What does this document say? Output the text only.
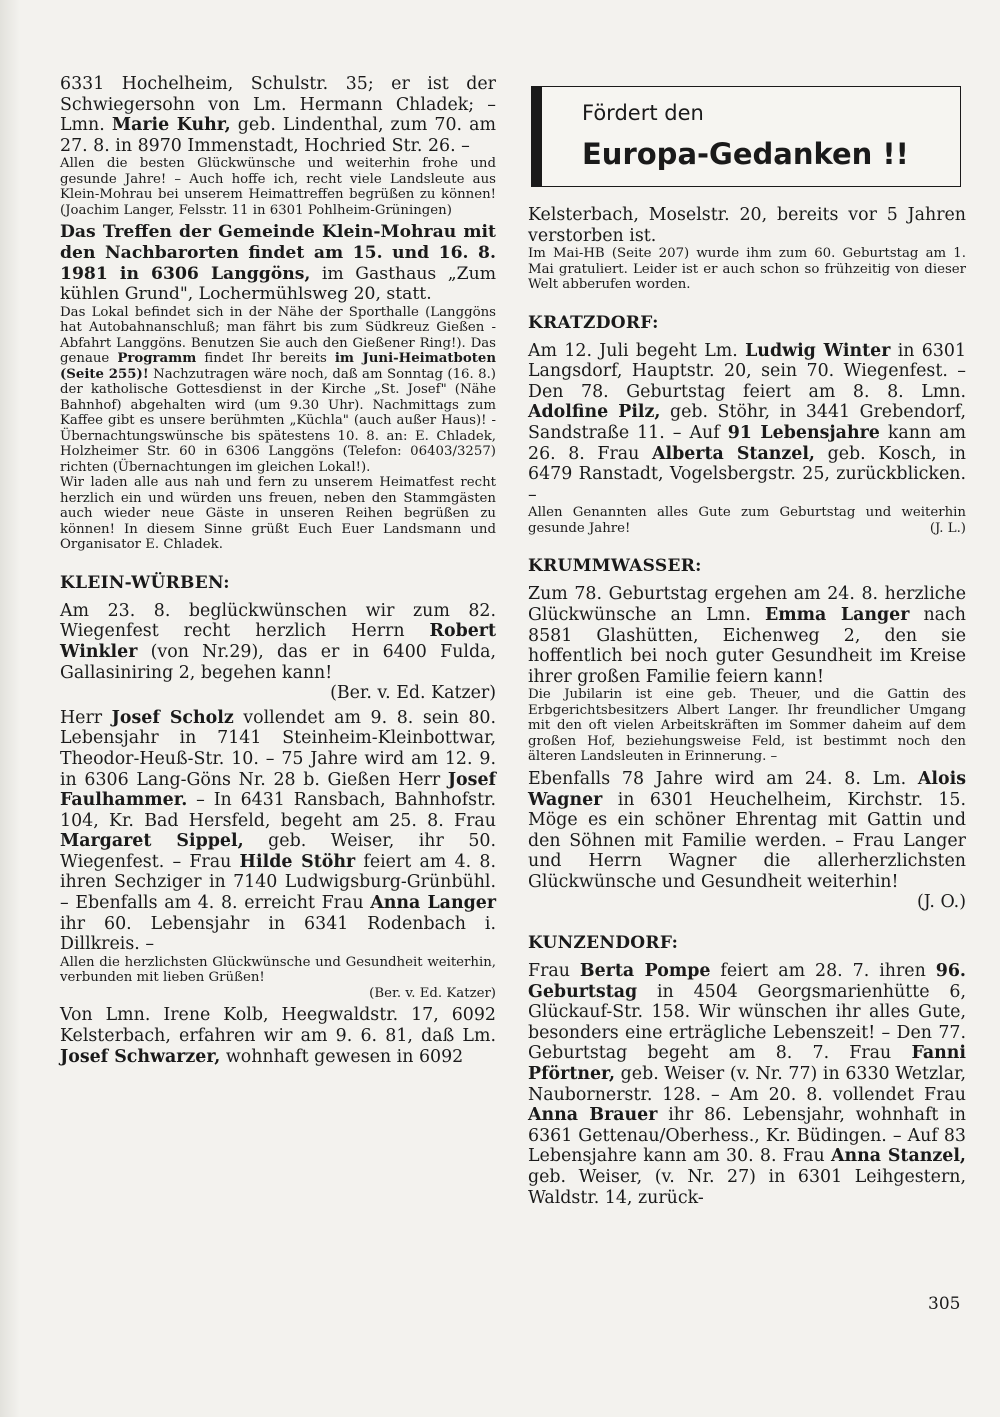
6331 Hochelheim, Schulstr. 35; er ist der Schwiegersohn von Lm. Hermann Chladek; – Lmn. Marie Kuhr, geb. Lindenthal, zum 70. am 27. 8. in 8970 Immenstadt, Hochried Str. 26. –

Allen die besten Glückwünsche und weiterhin frohe und gesunde Jahre! – Auch hoffe ich, recht viele Landsleute aus Klein-Mohrau bei unserem Heimattreffen begrüßen zu können! (Joachim Langer, Felsstr. 11 in 6301 Pohlheim-Grüningen)

Das Treffen der Gemeinde Klein-Mohrau mit den Nachbarorten findet am 15. und 16. 8. 1981 in 6306 Langgöns, im Gasthaus „Zum kühlen Grund", Lochermühlsweg 20, statt.

Das Lokal befindet sich in der Nähe der Sporthalle (Langgöns hat Autobahnanschluß; man fährt bis zum Südkreuz Gießen - Abfahrt Langgöns. Benutzen Sie auch den Gießener Ring!). Das genaue Programm findet Ihr bereits im Juni-Heimatboten (Seite 255)! Nachzutragen wäre noch, daß am Sonntag (16. 8.) der katholische Gottesdienst in der Kirche „St. Josef" (Nähe Bahnhof) abgehalten wird (um 9.30 Uhr). Nachmittags zum Kaffee gibt es unsere berühmten „Küchla" (auch außer Haus)! - Übernachtungswünsche bis spätestens 10. 8. an: E. Chladek, Holzheimer Str. 60 in 6306 Langgöns (Telefon: 06403/3257) richten (Übernachtungen im gleichen Lokal!).

Wir laden alle aus nah und fern zu unserem Heimatfest recht herzlich ein und würden uns freuen, neben den Stammgästen auch wieder neue Gäste in unseren Reihen begrüßen zu können! In diesem Sinne grüßt Euch Euer Landsmann und Organisator E. Chladek.

KLEIN-WÜRBEN:

Am 23. 8. beglückwünschen wir zum 82. Wiegenfest recht herzlich Herrn Robert Winkler (von Nr.29), das er in 6400 Fulda, Gallasiniring 2, begehen kann!

(Ber. v. Ed. Katzer)

Herr Josef Scholz vollendet am 9. 8. sein 80. Lebensjahr in 7141 Steinheim-Kleinbottwar, Theodor-Heuß-Str. 10. – 75 Jahre wird am 12. 9. in 6306 Lang-Göns Nr. 28 b. Gießen Herr Josef Faulhammer. – In 6431 Ransbach, Bahnhofstr. 104, Kr. Bad Hersfeld, begeht am 25. 8. Frau Margaret Sippel, geb. Weiser, ihr 50. Wiegenfest. – Frau Hilde Stöhr feiert am 4. 8. ihren Sechziger in 7140 Ludwigsburg-Grünbühl. – Ebenfalls am 4. 8. erreicht Frau Anna Langer ihr 60. Lebensjahr in 6341 Rodenbach i. Dillkreis. –

Allen die herzlichsten Glückwünsche und Gesundheit weiterhin, verbunden mit lieben Grüßen!

(Ber. v. Ed. Katzer)

Von Lmn. Irene Kolb, Heegwaldstr. 17, 6092 Kelsterbach, erfahren wir am 9. 6. 81, daß Lm. Josef Schwarzer, wohnhaft gewesen in 6092

Fördert den
Europa-Gedanken !!

Kelsterbach, Moselstr. 20, bereits vor 5 Jahren verstorben ist.

Im Mai-HB (Seite 207) wurde ihm zum 60. Geburtstag am 1. Mai gratuliert. Leider ist er auch schon so frühzeitig von dieser Welt abberufen worden.

KRATZDORF:

Am 12. Juli begeht Lm. Ludwig Winter in 6301 Langsdorf, Hauptstr. 20, sein 70. Wiegenfest. – Den 78. Geburtstag feiert am 8. 8. Lmn. Adolfine Pilz, geb. Stöhr, in 3441 Grebendorf, Sandstraße 11. – Auf 91 Lebensjahre kann am 26. 8. Frau Alberta Stanzel, geb. Kosch, in 6479 Ranstadt, Vogelsbergstr. 25, zurückblicken. –

Allen Genannten alles Gute zum Geburtstag und weiterhin gesunde Jahre!	(J. L.)

KRUMMWASSER:

Zum 78. Geburtstag ergehen am 24. 8. herzliche Glückwünsche an Lmn. Emma Langer nach 8581 Glashütten, Eichenweg 2, den sie hoffentlich bei noch guter Gesundheit im Kreise ihrer großen Familie feiern kann!

Die Jubilarin ist eine geb. Theuer, und die Gattin des Erbgerichtsbesitzers Albert Langer. Ihr freundlicher Umgang mit den oft vielen Arbeitskräften im Sommer daheim auf dem großen Hof, beziehungsweise Feld, ist bestimmt noch den älteren Landsleuten in Erinnerung. –

Ebenfalls 78 Jahre wird am 24. 8. Lm. Alois Wagner in 6301 Heuchelheim, Kirchstr. 15. Möge es ein schöner Ehrentag mit Gattin und den Söhnen mit Familie werden. – Frau Langer und Herrn Wagner die allerherzlichsten Glückwünsche und Gesundheit weiterhin!

(J. O.)

KUNZENDORF:

Frau Berta Pompe feiert am 28. 7. ihren 96. Geburtstag in 4504 Georgsmarienhütte 6, Glückauf-Str. 158. Wir wünschen ihr alles Gute, besonders eine erträgliche Lebenszeit! – Den 77. Geburtstag begeht am 8. 7. Frau Fanni Pförtner, geb. Weiser (v. Nr. 77) in 6330 Wetzlar, Naubornerstr. 128. – Am 20. 8. vollendet Frau Anna Brauer ihr 86. Lebensjahr, wohnhaft in 6361 Gettenau/Oberhess., Kr. Büdingen. – Auf 83 Lebensjahre kann am 30. 8. Frau Anna Stanzel, geb. Weiser, (v. Nr. 27) in 6301 Leihgestern, Waldstr. 14, zurück-

305
